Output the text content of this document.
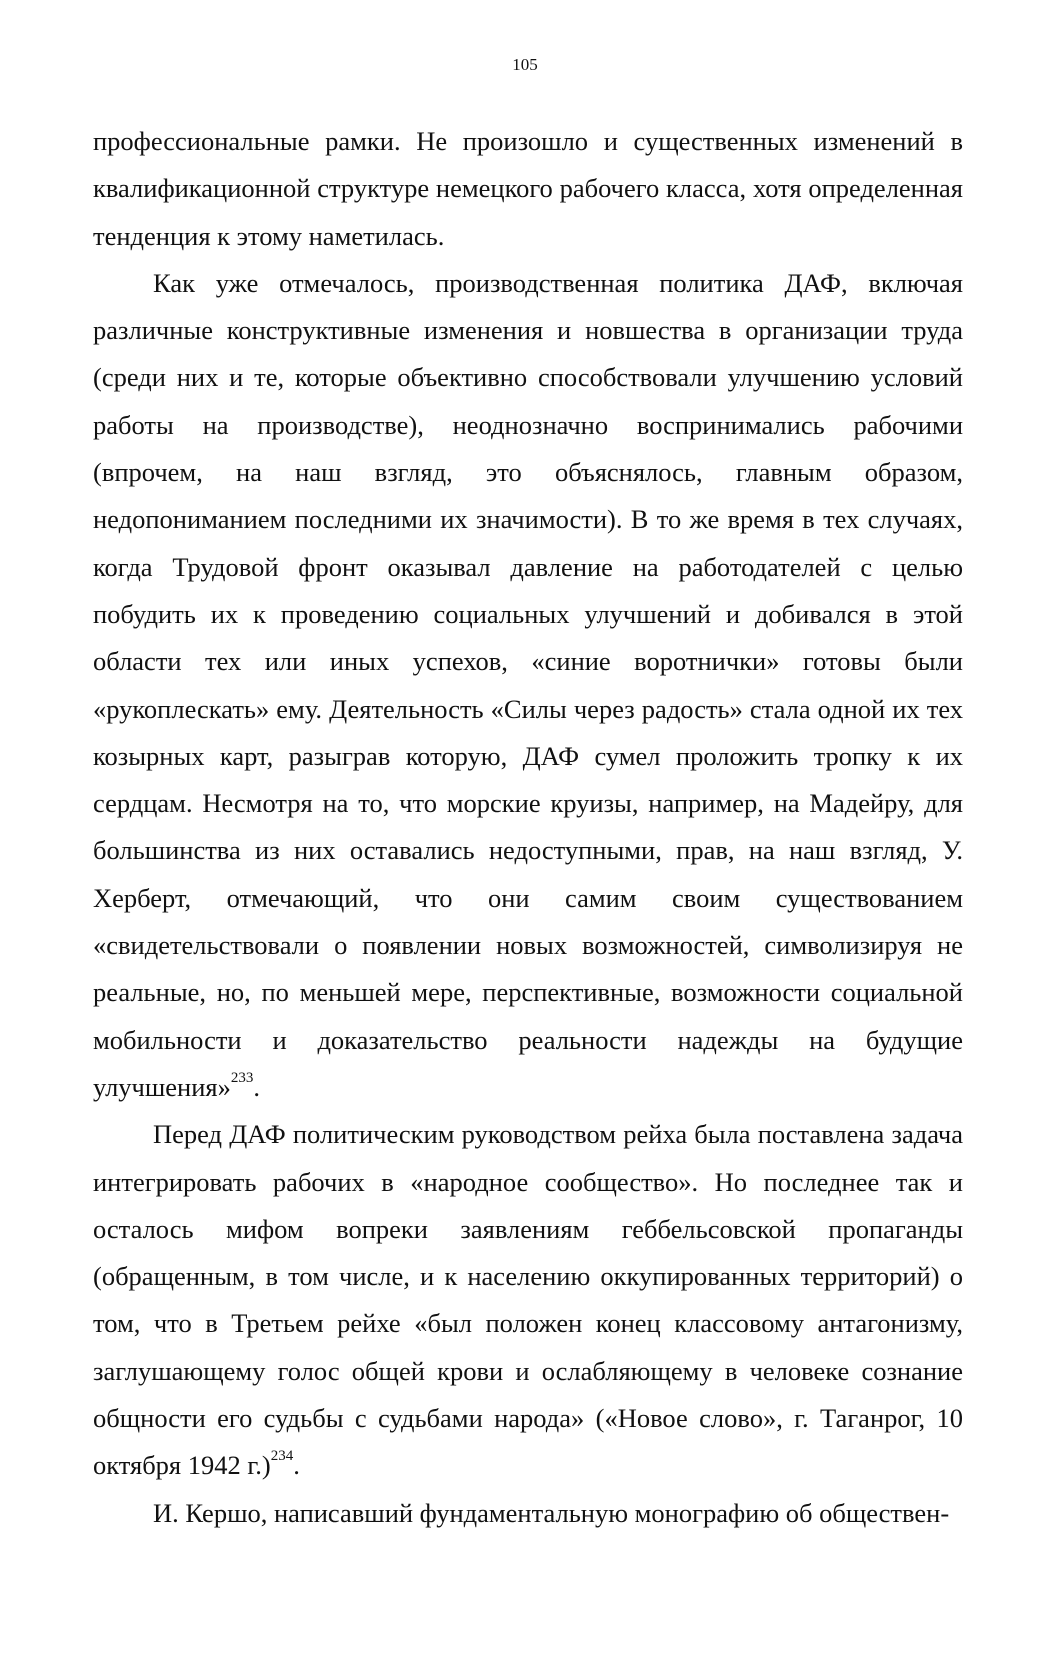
105

профессиональные рамки. Не произошло и существенных изменений в квалификационной структуре немецкого рабочего класса, хотя определенная тенденция к этому наметилась.

Как уже отмечалось, производственная политика ДАФ, включая различные конструктивные изменения и новшества в организации труда (среди них и те, которые объективно способствовали улучшению условий работы на производстве), неоднозначно воспринимались рабочими (впрочем, на наш взгляд, это объяснялось, главным образом, недопониманием последними их значимости). В то же время в тех случаях, когда Трудовой фронт оказывал давление на работодателей с целью побудить их к проведению социальных улучшений и добивался в этой области тех или иных успехов, «синие воротнички» готовы были «рукоплескать» ему. Деятельность «Силы через радость» стала одной их тех козырных карт, разыграв которую, ДАФ сумел проложить тропку к их сердцам. Несмотря на то, что морские круизы, например, на Мадейру, для большинства из них оставались недоступными, прав, на наш взгляд, У. Херберт, отмечающий, что они самим своим существованием «свидетельствовали о появлении новых возможностей, символизируя не реальные, но, по меньшей мере, перспективные, возможности социальной мобильности и доказательство реальности надежды на будущие улучшения»$^{233}$.

Перед ДАФ политическим руководством рейха была поставлена задача интегрировать рабочих в «народное сообщество». Но последнее так и осталось мифом вопреки заявлениям геббельсовской пропаганды (обращенным, в том числе, и к населению оккупированных территорий) о том, что в Третьем рейхе «был положен конец классовому антагонизму, заглушающему голос общей крови и ослабляющему в человеке сознание общности его судьбы с судьбами народа» («Новое слово», г. Таганрог, 10 октября 1942 г.)$^{234}$.

И. Кершо, написавший фундаментальную монографию об обществен-
